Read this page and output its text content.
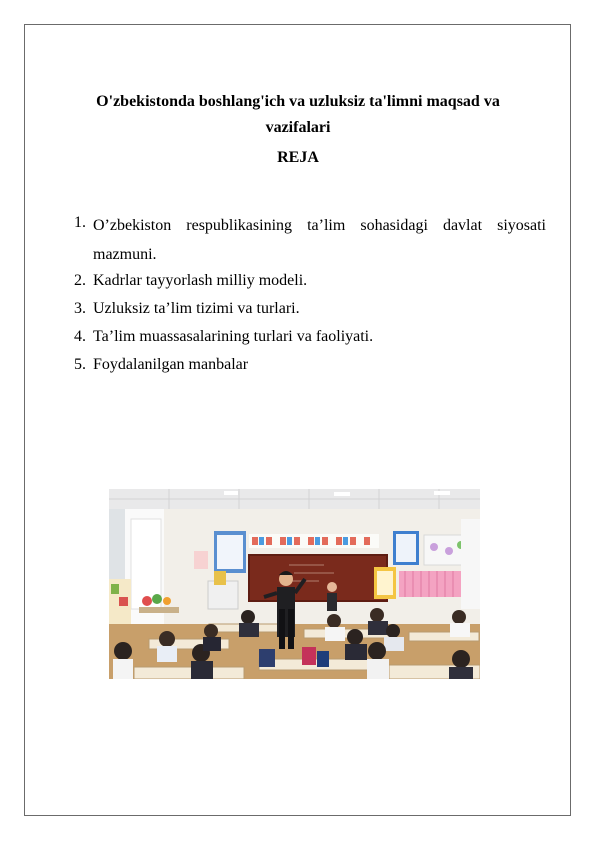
O'zbekistonda boshlang'ich va uzluksiz ta'limni maqsad va
vazifalari
REJA
1. O’zbekiston respublikasining ta’lim sohasidagi davlat siyosati mazmuni.
2. Kadrlar tayyorlash milliy modeli.
3. Uzluksiz ta’lim tizimi va turlari.
4. Ta’lim muassasalarining turlari va faoliyati.
5. Foydalanilgan manbalar
